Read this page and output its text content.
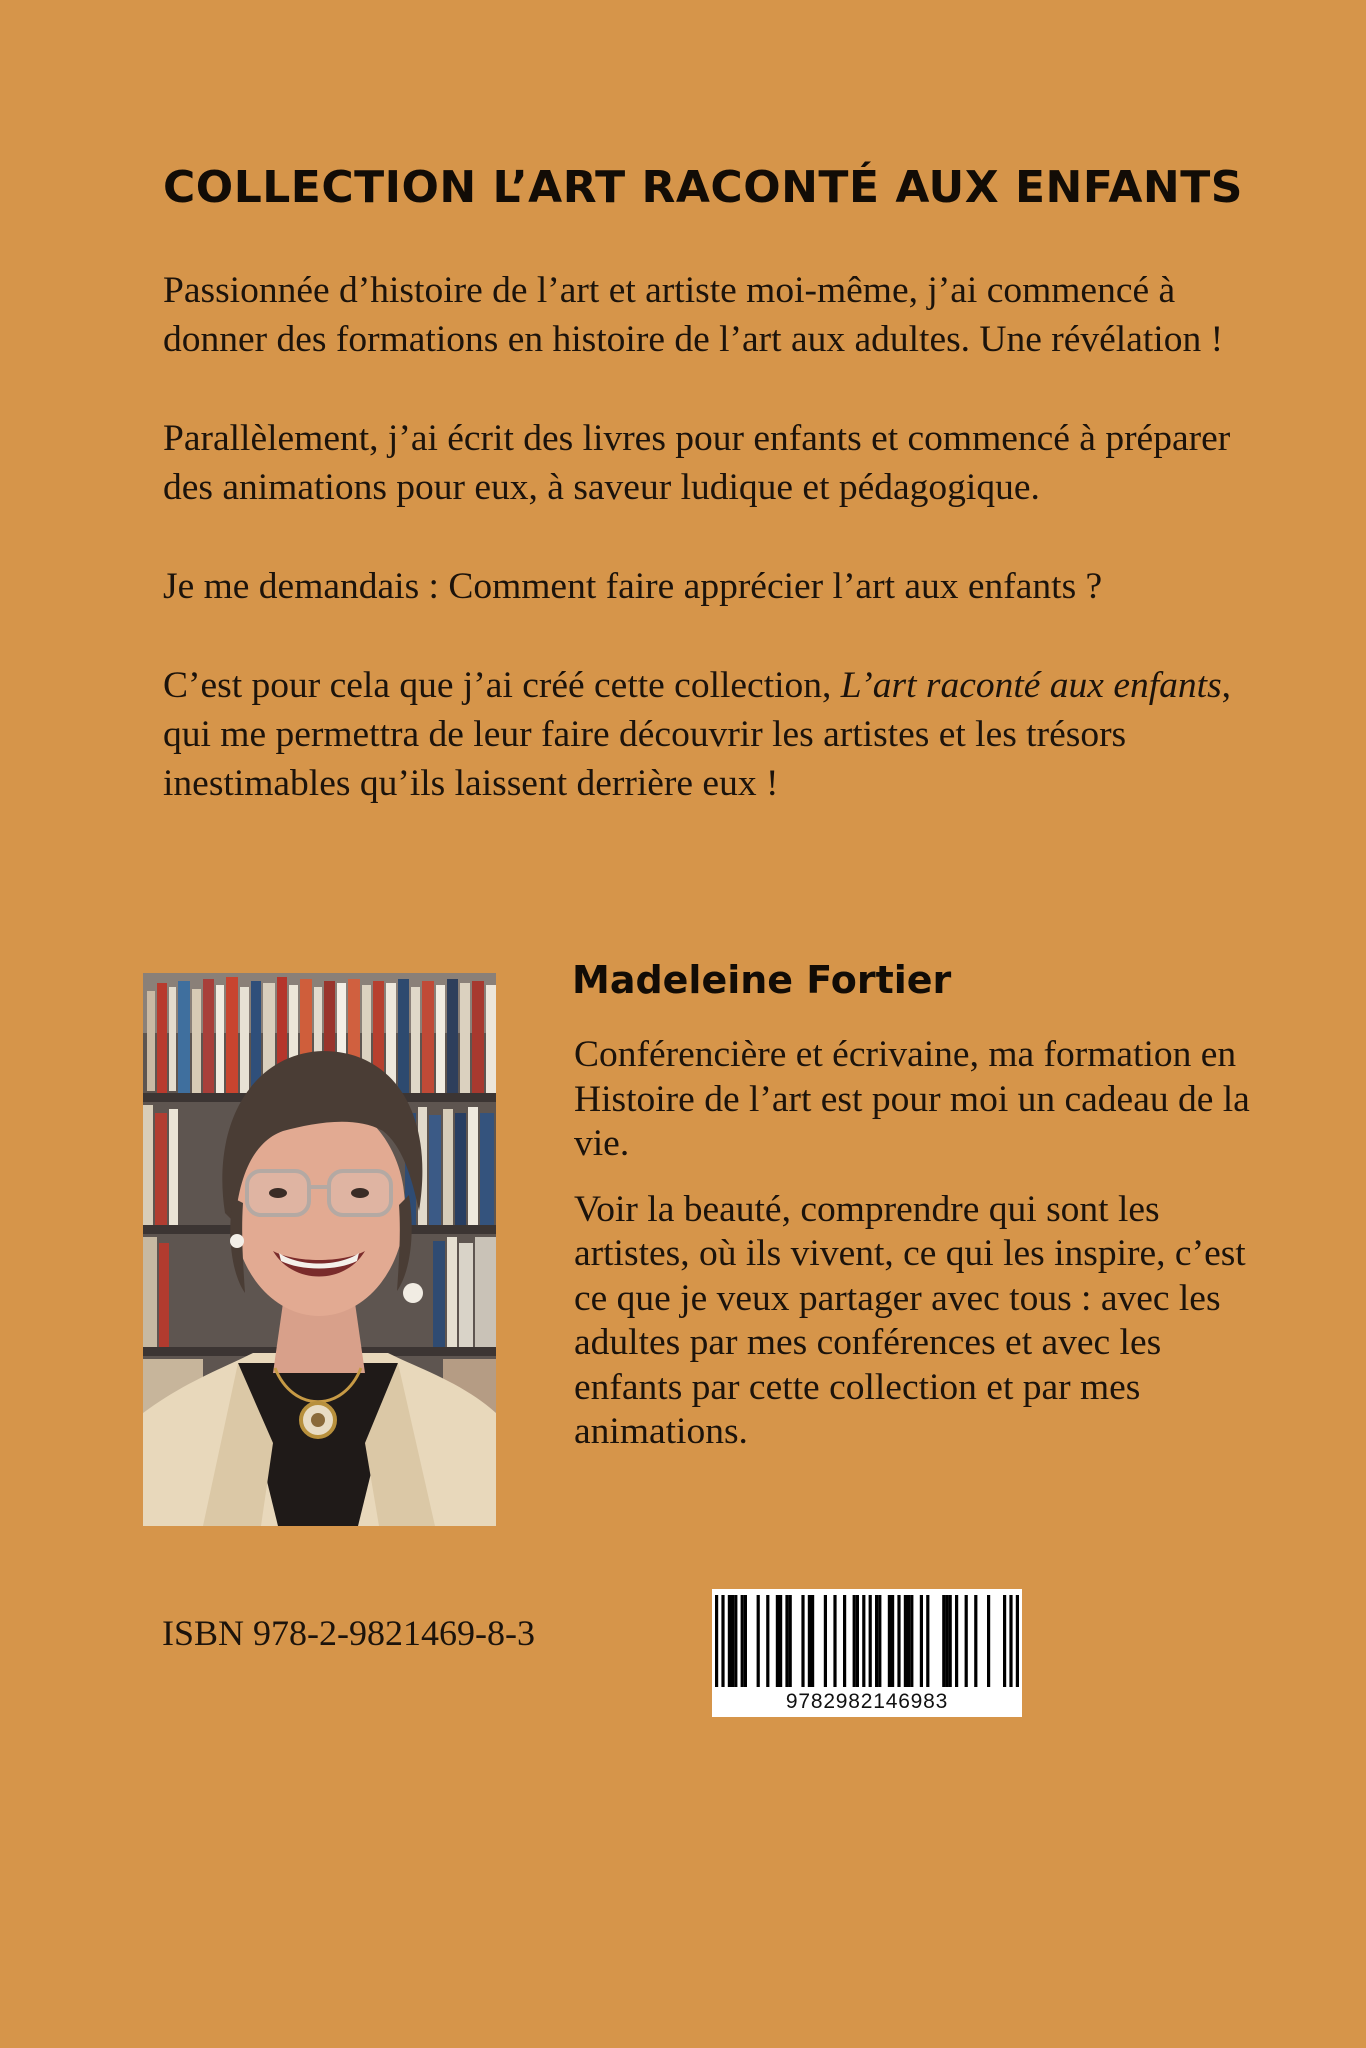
COLLECTION L’ART RACONTÉ AUX ENFANTS

Passionnée d’histoire de l’art et artiste moi-même, j’ai commencé à donner des formations en histoire de l’art aux adultes. Une révélation !

Parallèlement, j’ai écrit des livres pour enfants et commencé à préparer des animations pour eux, à saveur ludique et pédagogique.

Je me demandais : Comment faire apprécier l’art aux enfants ?

C’est pour cela que j’ai créé cette collection, L’art raconté aux enfants, qui me permettra de leur faire découvrir les artistes et les trésors inestimables qu’ils laissent derrière eux !

Madeleine Fortier

Conférencière et écrivaine, ma formation en Histoire de l’art est pour moi un cadeau de la vie.

Voir la beauté, comprendre qui sont les artistes, où ils vivent, ce qui les inspire, c’est ce que je veux partager avec tous : avec les adultes par mes conférences et avec les enfants par cette collection et par mes animations.

ISBN 978-2-9821469-8-3
9782982146983
